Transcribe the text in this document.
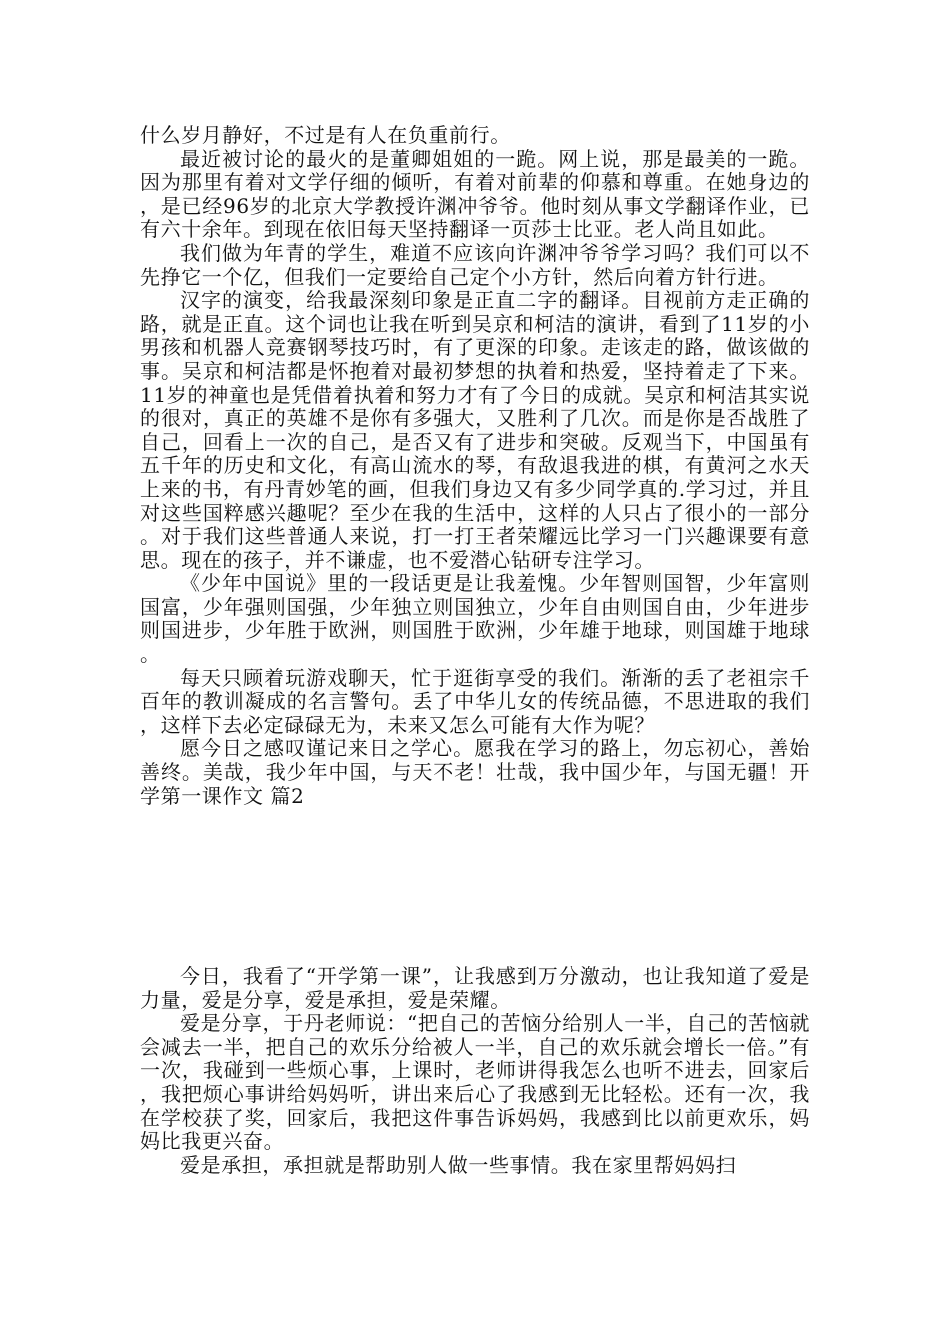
什么岁月静好，不过是有人在负重前行。

最近被讨论的最火的是董卿姐姐的一跪。网上说，那是最美的一跪。因为那里有着对文学仔细的倾听，有着对前辈的仰慕和尊重。在她身边的，是已经96岁的北京大学教授许渊冲爷爷。他时刻从事文学翻译作业，已有六十余年。到现在依旧每天坚持翻译一页莎士比亚。老人尚且如此。

我们做为年青的学生，难道不应该向许渊冲爷爷学习吗？我们可以不先挣它一个亿，但我们一定要给自己定个小方针，然后向着方针行进。

汉字的演变，给我最深刻印象是正直二字的翻译。目视前方走正确的路，就是正直。这个词也让我在听到吴京和柯洁的演讲，看到了11岁的小男孩和机器人竞赛钢琴技巧时，有了更深的印象。走该走的路，做该做的事。吴京和柯洁都是怀抱着对最初梦想的执着和热爱，坚持着走了下来。11岁的神童也是凭借着执着和努力才有了今日的成就。吴京和柯洁其实说的很对，真正的英雄不是你有多强大，又胜利了几次。而是你是否战胜了自己，回看上一次的自己，是否又有了进步和突破。反观当下，中国虽有五千年的历史和文化，有高山流水的琴，有敌退我进的棋，有黄河之水天上来的书，有丹青妙笔的画，但我们身边又有多少同学真的.学习过，并且对这些国粹感兴趣呢？至少在我的生活中，这样的人只占了很小的一部分。对于我们这些普通人来说，打一打王者荣耀远比学习一门兴趣课要有意思。现在的孩子，并不谦虚，也不爱潜心钻研专注学习。

《少年中国说》里的一段话更是让我羞愧。少年智则国智，少年富则国富，少年强则国强，少年独立则国独立，少年自由则国自由，少年进步则国进步，少年胜于欧洲，则国胜于欧洲，少年雄于地球，则国雄于地球。

每天只顾着玩游戏聊天，忙于逛街享受的我们。渐渐的丢了老祖宗千百年的教训凝成的名言警句。丢了中华儿女的传统品德，不思进取的我们，这样下去必定碌碌无为，未来又怎么可能有大作为呢？

愿今日之感叹谨记来日之学心。愿我在学习的路上，勿忘初心，善始善终。美哉，我少年中国，与天不老！壮哉，我中国少年，与国无疆！开学第一课作文 篇2

今日，我看了“开学第一课”，让我感到万分激动，也让我知道了爱是力量，爱是分享，爱是承担，爱是荣耀。

爱是分享，于丹老师说：“把自己的苦恼分给别人一半，自己的苦恼就会减去一半，把自己的欢乐分给被人一半，自己的欢乐就会增长一倍。”有一次，我碰到一些烦心事，上课时，老师讲得我怎么也听不进去，回家后，我把烦心事讲给妈妈听，讲出来后心了我感到无比轻松。还有一次，我在学校获了奖，回家后，我把这件事告诉妈妈，我感到比以前更欢乐，妈妈比我更兴奋。

爱是承担，承担就是帮助别人做一些事情。我在家里帮妈妈扫
